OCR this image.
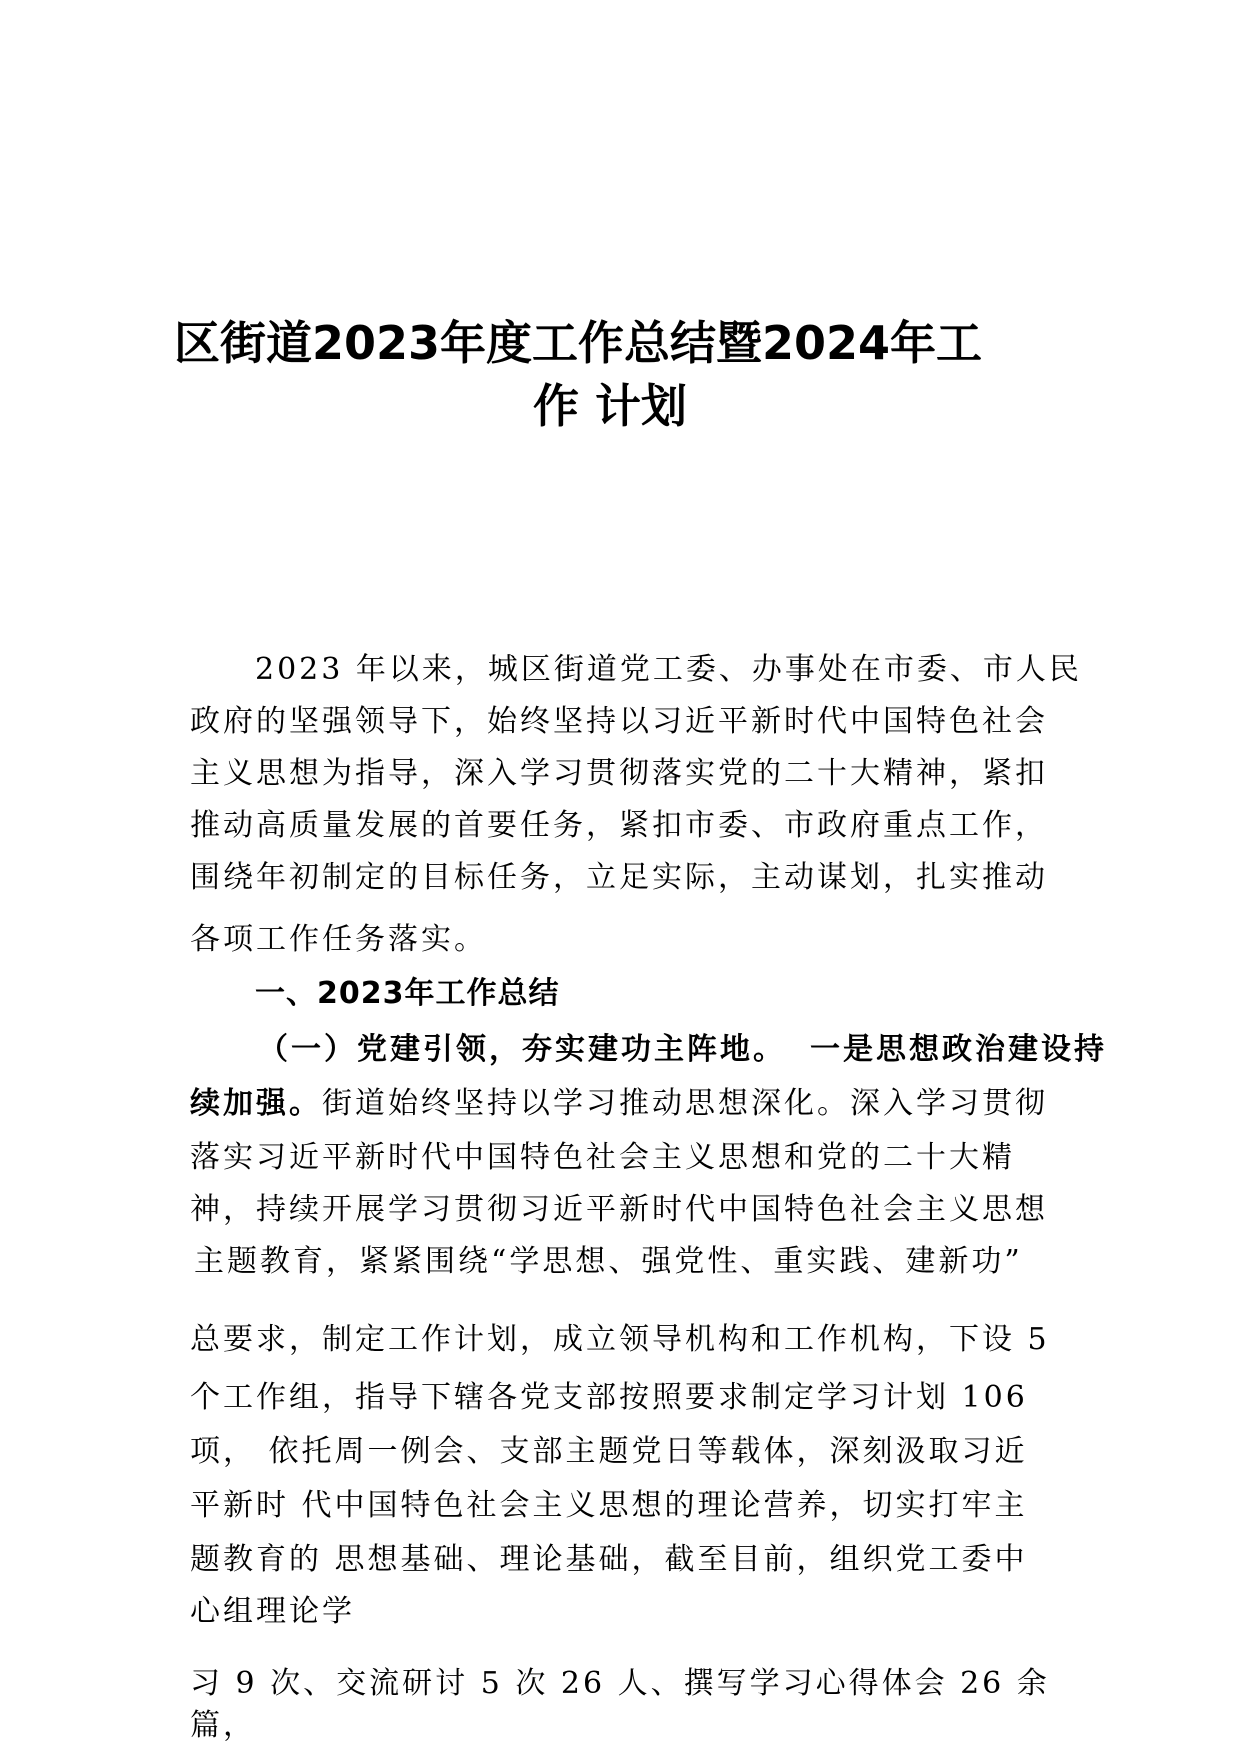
区街道2023年度工作总结暨2024年工
作 计划
2023 年以来，城区街道党工委、办事处在市委、市人民
政府的坚强领导下，始终坚持以习近平新时代中国特色社会
主义思想为指导，深入学习贯彻落实党的二十大精神，紧扣
推动高质量发展的首要任务，紧扣市委、市政府重点工作，
围绕年初制定的目标任务，立足实际，主动谋划，扎实推动
各项工作任务落实。
一、2023年工作总结
（一）党建引领，夯实建功主阵地。 一是思想政治建设持
续加强。街道始终坚持以学习推动思想深化。深入学习贯彻
落实习近平新时代中国特色社会主义思想和党的二十大精
神，持续开展学习贯彻习近平新时代中国特色社会主义思想
主题教育，紧紧围绕“学思想、强党性、重实践、建新功”
总要求，制定工作计划，成立领导机构和工作机构，下设 5
个工作组，指导下辖各党支部按照要求制定学习计划 106
项， 依托周一例会、支部主题党日等载体，深刻汲取习近
平新时 代中国特色社会主义思想的理论营养，切实打牢主
题教育的 思想基础、理论基础，截至目前，组织党工委中
心组理论学
习 9 次、交流研讨 5 次 26 人、撰写学习心得体会 26 余
篇，
